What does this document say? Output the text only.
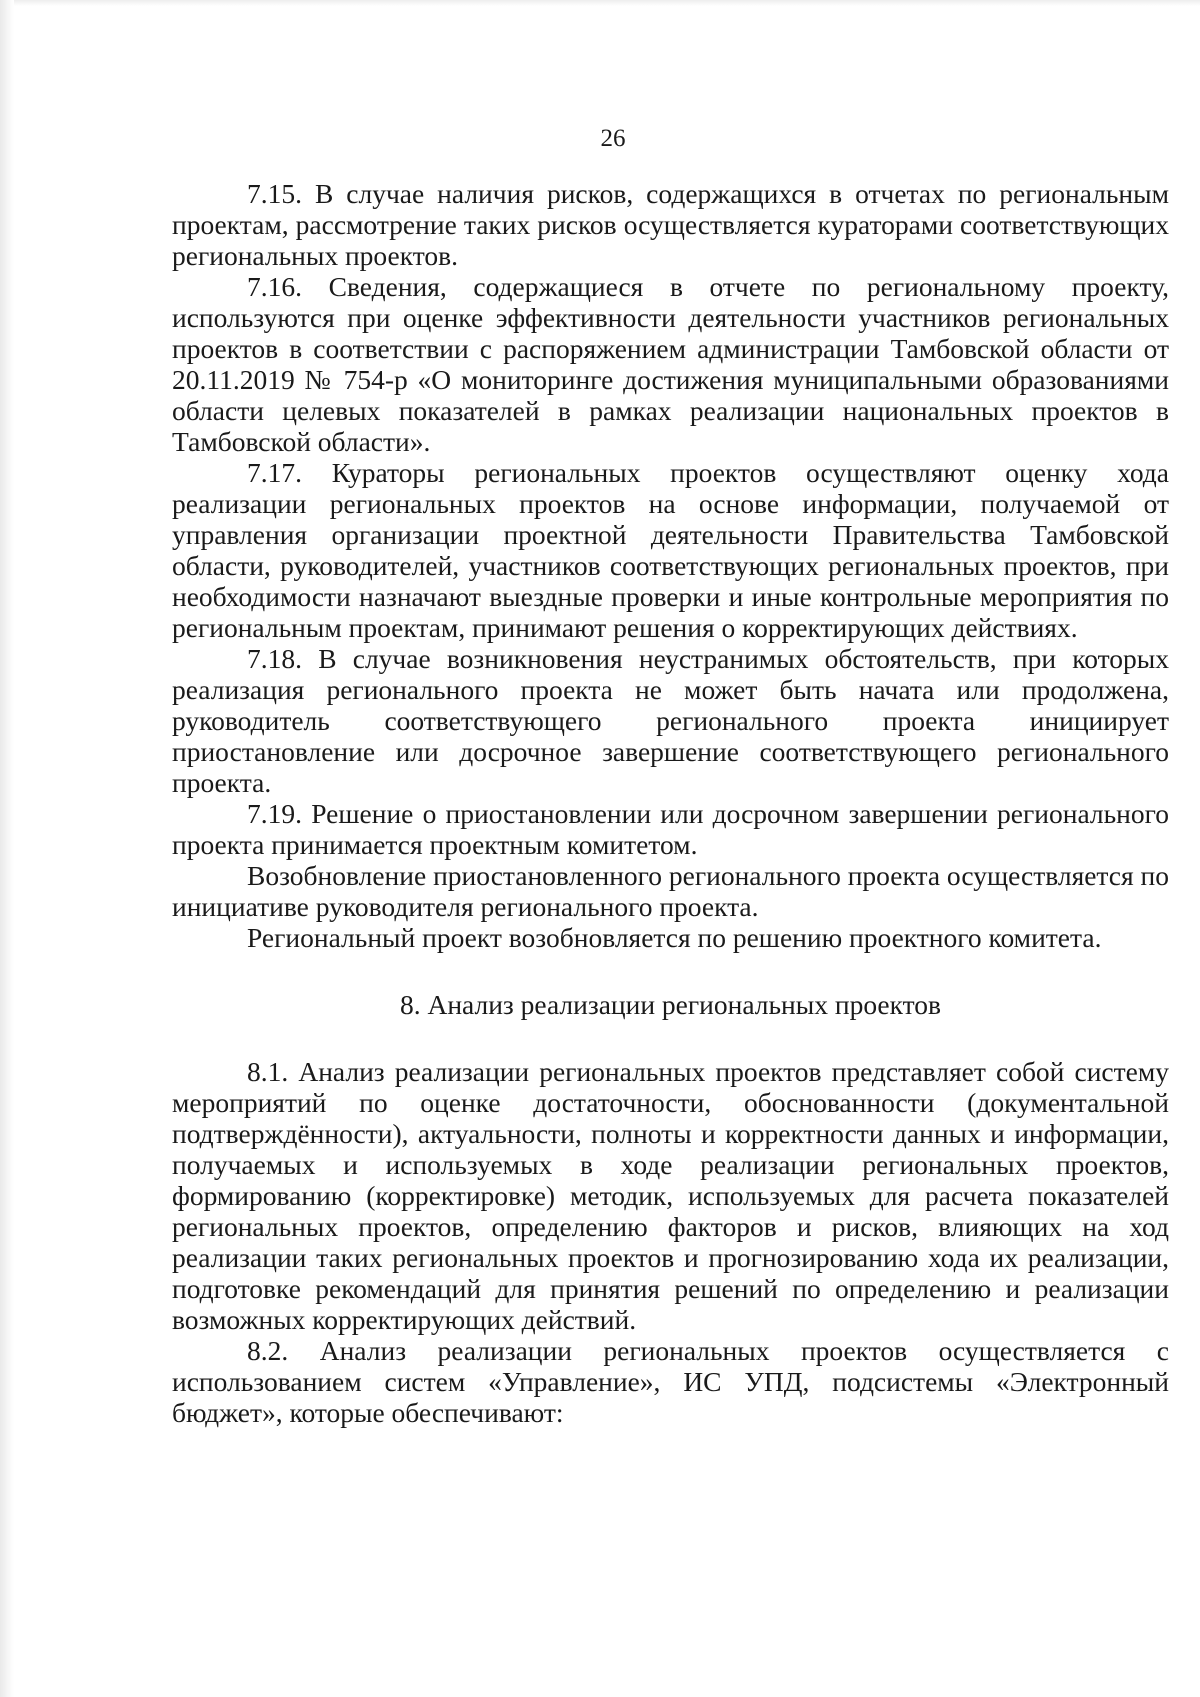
26

7.15. В случае наличия рисков, содержащихся в отчетах по региональным проектам, рассмотрение таких рисков осуществляется кураторами соответствующих региональных проектов.

7.16. Сведения, содержащиеся в отчете по региональному проекту, используются при оценке эффективности деятельности участников региональных проектов в соответствии с распоряжением администрации Тамбовской области от 20.11.2019 № 754-р «О мониторинге достижения муниципальными образованиями области целевых показателей в рамках реализации национальных проектов в Тамбовской области».

7.17. Кураторы региональных проектов осуществляют оценку хода реализации региональных проектов на основе информации, получаемой от управления организации проектной деятельности Правительства Тамбовской области, руководителей, участников соответствующих региональных проектов, при необходимости назначают выездные проверки и иные контрольные мероприятия по региональным проектам, принимают решения о корректирующих действиях.

7.18. В случае возникновения неустранимых обстоятельств, при которых реализация регионального проекта не может быть начата или продолжена, руководитель соответствующего регионального проекта инициирует приостановление или досрочное завершение соответствующего регионального проекта.

7.19. Решение о приостановлении или досрочном завершении регионального проекта принимается проектным комитетом.

Возобновление приостановленного регионального проекта осуществляется по инициативе руководителя регионального проекта.

Региональный проект возобновляется по решению проектного комитета.

8. Анализ реализации региональных проектов

8.1. Анализ реализации региональных проектов представляет собой систему мероприятий по оценке достаточности, обоснованности (документальной подтверждённости), актуальности, полноты и корректности данных и информации, получаемых и используемых в ходе реализации региональных проектов, формированию (корректировке) методик, используемых для расчета показателей региональных проектов, определению факторов и рисков, влияющих на ход реализации таких региональных проектов и прогнозированию хода их реализации, подготовке рекомендаций для принятия решений по определению и реализации возможных корректирующих действий.

8.2. Анализ реализации региональных проектов осуществляется с использованием систем «Управление», ИС УПД, подсистемы «Электронный бюджет», которые обеспечивают:
